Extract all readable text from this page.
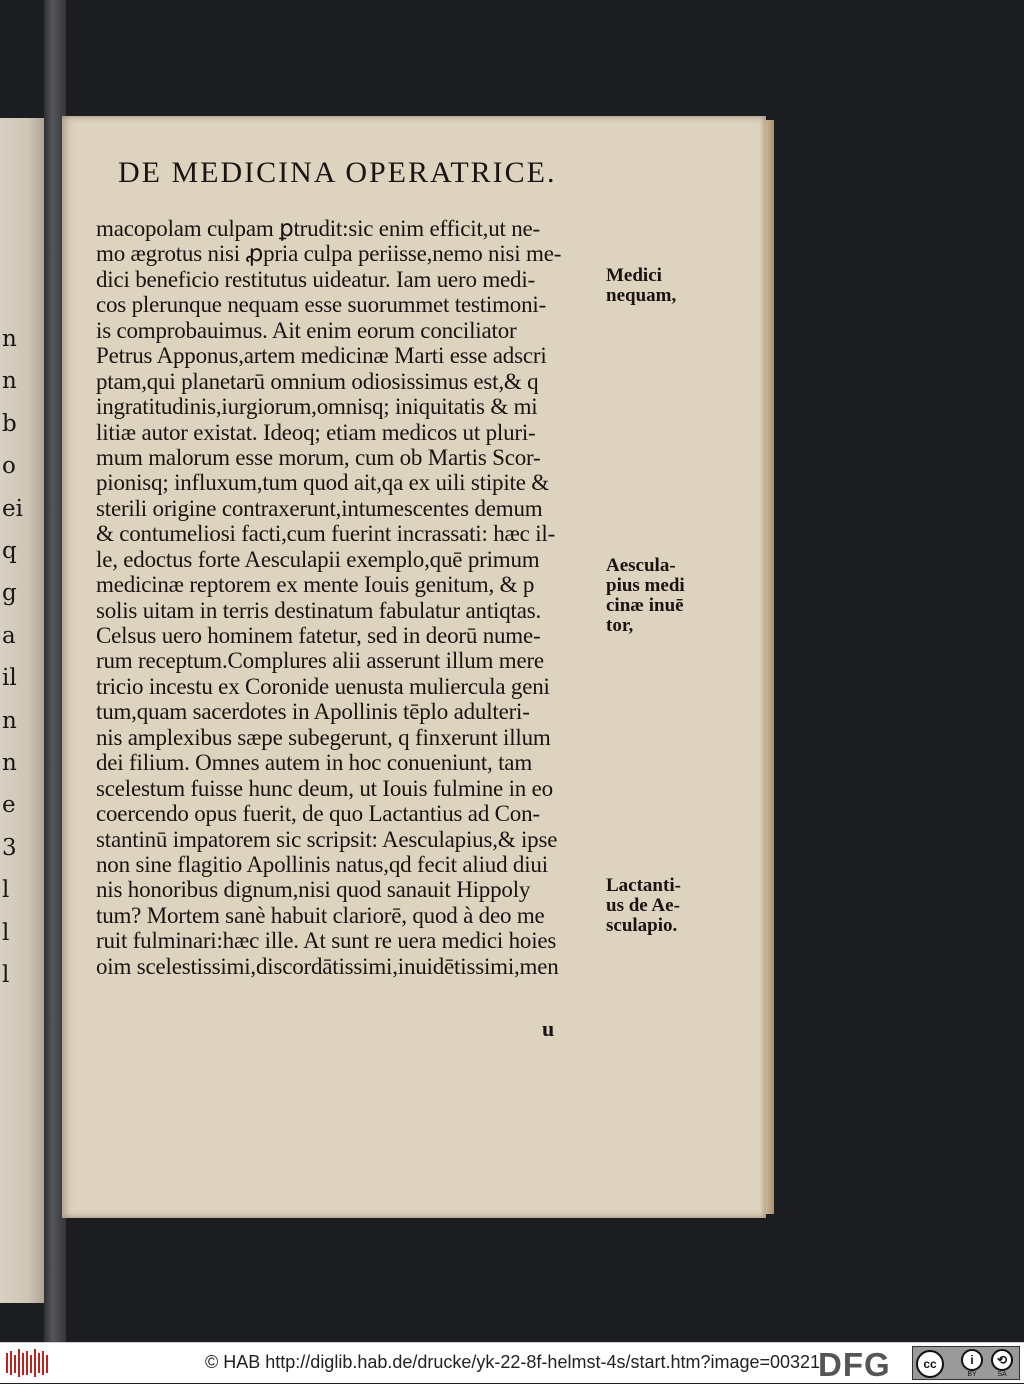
n
n
b
o
ei
q
g
a
il
n
n
e
3
l
l
l
DE MEDICINA OPERATRICE.
macopolam culpam ꝑtrudit:sic enim efficit,ut ne-
mo ægrotus nisi ꝓpria culpa periisse,nemo nisi me-
dici beneficio restitutus uideatur. Iam uero medi-
cos plerunque nequam esse suorummet testimoni-
is comprobauimus. Ait enim eorum conciliator
Petrus Apponus,artem medicinæ Marti esse adscri
ptam,qui planetarū omnium odiosissimus est,& q
ingratitudinis,iurgiorum,omnisq; iniquitatis & mi
litiæ autor existat. Ideoq; etiam medicos ut pluri-
mum malorum esse morum, cum ob Martis Scor-
pionisq; influxum,tum quod ait,qa ex uili stipite &
sterili origine contraxerunt,intumescentes demum
& contumeliosi facti,cum fuerint incrassati: hæc il-
le, edoctus forte Aesculapii exemplo,quē primum
medicinæ reptorem ex mente Iouis genitum, & p
solis uitam in terris destinatum fabulatur antiqtas.
Celsus uero hominem fatetur, sed in deorū nume-
rum receptum.Complures alii asserunt illum mere
tricio incestu ex Coronide uenusta muliercula geni
tum,quam sacerdotes in Apollinis tēplo adulteri-
nis amplexibus sæpe subegerunt, q finxerunt illum
dei filium. Omnes autem in hoc conueniunt, tam
scelestum fuisse hunc deum, ut Iouis fulmine in eo
coercendo opus fuerit, de quo Lactantius ad Con-
stantinū impatorem sic scripsit: Aesculapius,& ipse
non sine flagitio Apollinis natus,qd fecit aliud diui
nis honoribus dignum,nisi quod sanauit Hippoly
tum? Mortem sanè habuit clariorē, quod à deo me
ruit fulminari:hæc ille. At sunt re uera medici hoies
oim scelestissimi,discordātissimi,inuidētissimi,men
Medici
nequam,
Aescula-
pius medi
cinæ inuē
tor,
Lactanti-
us de Ae-
sculapio.
u
© HAB http://diglib.hab.de/drucke/yk-22-8f-helmst-4s/start.htm?image=00321
DFG	cc	i
BY
⟲
SA
